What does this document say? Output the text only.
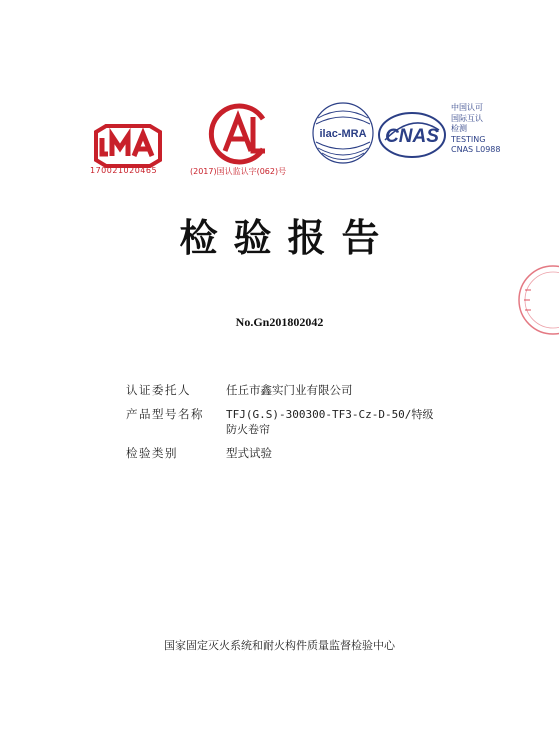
170021020465	(2017)国认监认字(062)号
ilac-MRA CNAS
中国认可
国际互认
检测
TESTING
CNAS L0988
检验报告
No.Gn201802042
认证委托人	任丘市鑫实门业有限公司
产品型号名称	TFJ(G.S)-300300-TF3-Cz-D-50/特级防火卷帘
检验类别	型式试验
国家固定灭火系统和耐火构件质量监督检验中心
